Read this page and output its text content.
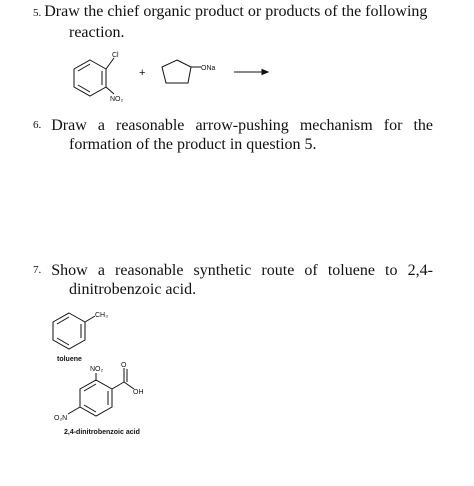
5. Draw the chief organic product or products of the following
reaction.
6. Draw a reasonable arrow-pushing mechanism for the
formation of the product in question 5.
7. Show a reasonable synthetic route of toluene to 2,4-
dinitrobenzoic acid.
Cl
NO₂
+	ONa
CH₃
toluene
NO₂
O
OH
O₂N
2,4-dinitrobenzoic acid
